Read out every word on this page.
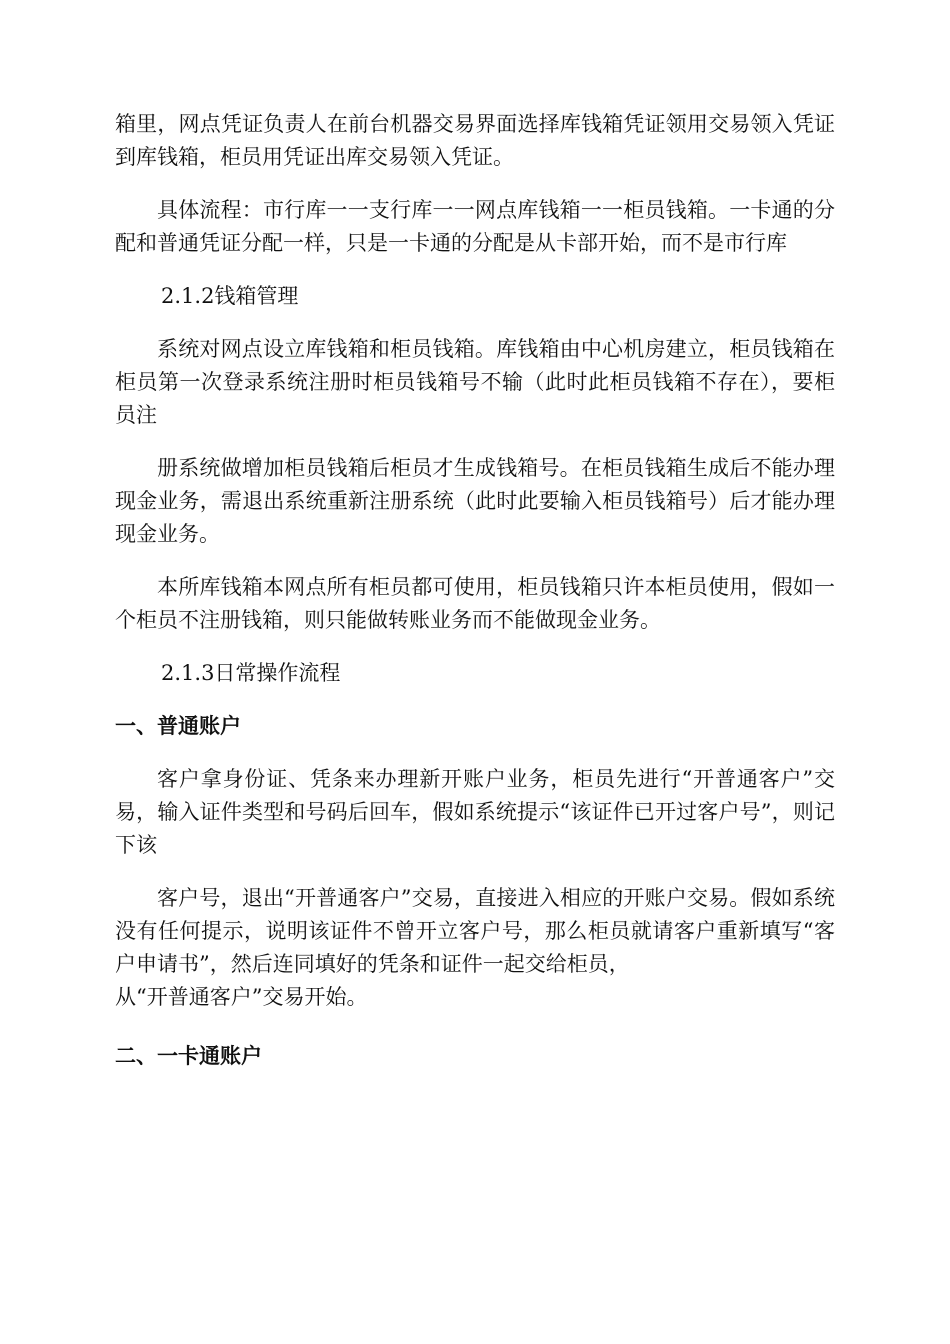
箱里，网点凭证负责人在前台机器交易界面选择库钱箱凭证领用交易领入凭证到库钱箱，柜员用凭证出库交易领入凭证。

具体流程：市行库一一支行库一一网点库钱箱一一柜员钱箱。一卡通的分配和普通凭证分配一样，只是一卡通的分配是从卡部开始，而不是市行库

2.1.2钱箱管理

系统对网点设立库钱箱和柜员钱箱。库钱箱由中心机房建立，柜员钱箱在柜员第一次登录系统注册时柜员钱箱号不输（此时此柜员钱箱不存在），要柜员注

册系统做增加柜员钱箱后柜员才生成钱箱号。在柜员钱箱生成后不能办理现金业务，需退出系统重新注册系统（此时此要输入柜员钱箱号）后才能办理现金业务。

本所库钱箱本网点所有柜员都可使用，柜员钱箱只许本柜员使用，假如一个柜员不注册钱箱，则只能做转账业务而不能做现金业务。

2.1.3日常操作流程
一、普通账户

客户拿身份证、凭条来办理新开账户业务，柜员先进行“开普通客户”交易，输入证件类型和号码后回车，假如系统提示“该证件已开过客户号”，则记下该

客户号，退出“开普通客户”交易，直接进入相应的开账户交易。假如系统没有任何提示，说明该证件不曾开立客户号，那么柜员就请客户重新填写“客户申请书”，然后连同填好的凭条和证件一起交给柜员，

从“开普通客户”交易开始。

二、一卡通账户
